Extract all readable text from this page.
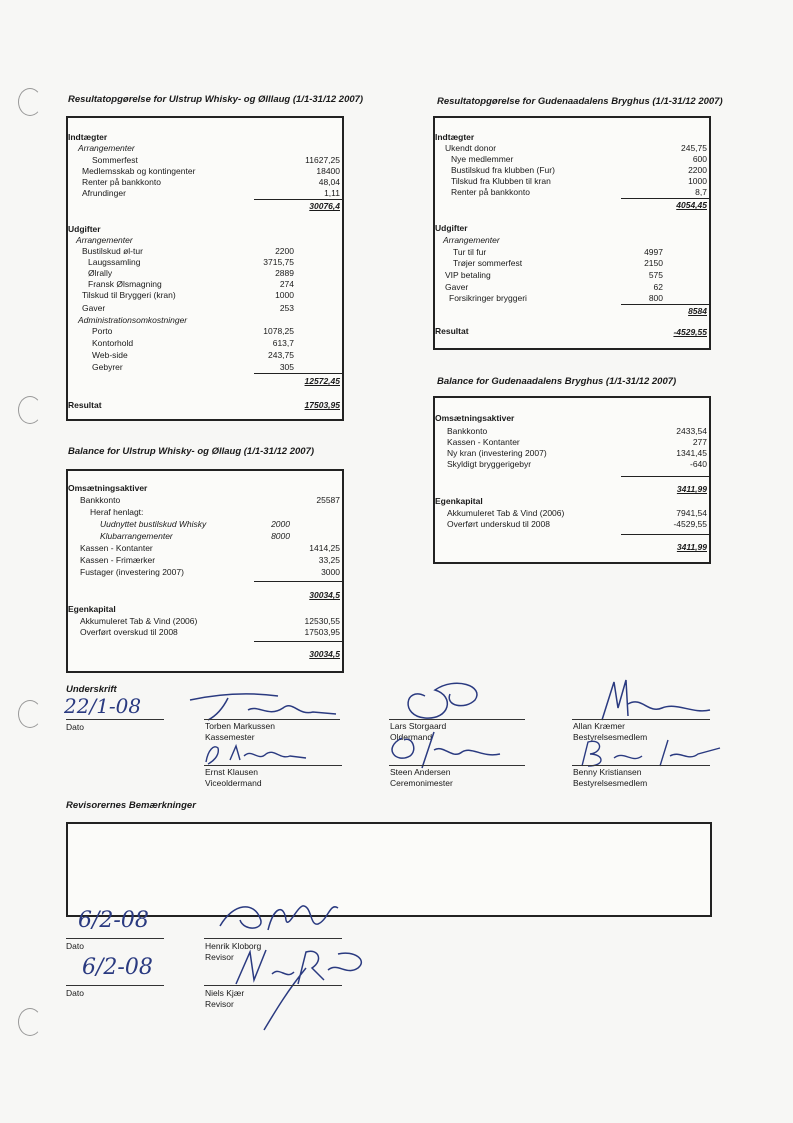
Resultatopgørelse for Ulstrup Whisky- og Ølllaug (1/1-31/12 2007)
Indtægter
Arrangementer
Sommerfest	11627,25
Medlemsskab og kontingenter	18400
Renter på bankkonto	48,04
Afrundinger	1,11
30076,4
Udgifter
Arrangementer
Bustilskud øl-tur	2200
Laugssamling	3715,75
Ølrally	2889
Fransk Ølsmagning	274
Tilskud til Bryggeri (kran)	1000
Gaver	253
Administrationsomkostninger
Porto	1078,25
Kontorhold	613,7
Web-side	243,75
Gebyrer	305
12572,45
Resultat	17503,95
Resultatopgørelse for Gudenaadalens Bryghus (1/1-31/12 2007)
Indtægter
Ukendt donor	245,75
Nye medlemmer	600
Bustilskud fra klubben (Fur)	2200
Tilskud fra Klubben til kran	1000
Renter på bankkonto	8,7
4054,45
Udgifter
Arrangementer
Tur til fur	4997
Trøjer sommerfest	2150
VIP betaling	575
Gaver	62
Forsikringer bryggeri	800
8584
Resultat	-4529,55
Balance for Gudenaadalens Bryghus (1/1-31/12 2007)
Omsætningsaktiver
Bankkonto	2433,54
Kassen - Kontanter	277
Ny kran (investering 2007)	1341,45
Skyldigt bryggerigebyr	-640
3411,99
Egenkapital
Akkumuleret Tab & Vind (2006)	7941,54
Overført underskud til 2008	-4529,55
3411,99
Balance for Ulstrup Whisky- og Øllaug (1/1-31/12 2007)
Omsætningsaktiver
Bankkonto	25587
Heraf henlagt:
Uudnyttet bustilskud Whisky	2000
Klubarrangementer	8000
Kassen - Kontanter	1414,25
Kassen - Frimærker	33,25
Fustager (investering 2007)	3000
30034,5
Egenkapital
Akkumuleret Tab & Vind (2006)	12530,55
Overført overskud til 2008	17503,95
30034,5
Underskrift
22/1-08
Dato	Torben Markussen
Kassemester
Lars Storgaard
Oldermand
Allan Kræmer
Bestyrelsesmedlem
Ernst Klausen
Viceoldermand
Steen Andersen
Ceremonimester
Benny Kristiansen
Bestyrelsesmedlem
Revisorernes Bemærkninger
6/2-08
Dato	Henrik Kloborg
Revisor
6/2-08
Dato	Niels Kjær
Revisor
